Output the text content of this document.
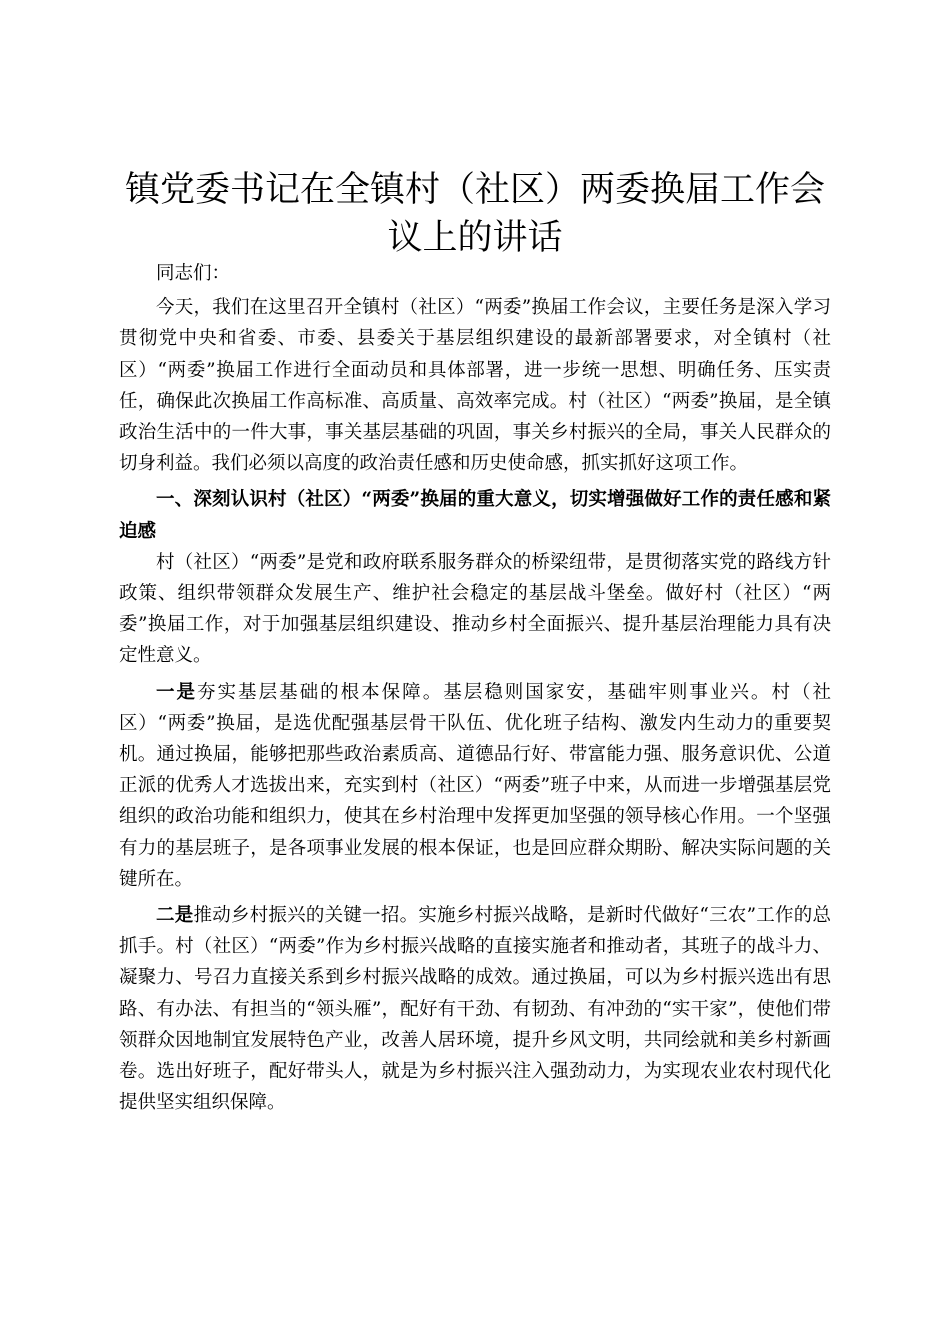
镇党委书记在全镇村（社区）两委换届工作会议上的讲话

同志们：

今天，我们在这里召开全镇村（社区）“两委”换届工作会议，主要任务是深入学习贯彻党中央和省委、市委、县委关于基层组织建设的最新部署要求，对全镇村（社区）“两委”换届工作进行全面动员和具体部署，进一步统一思想、明确任务、压实责任，确保此次换届工作高标准、高质量、高效率完成。村（社区）“两委”换届，是全镇政治生活中的一件大事，事关基层基础的巩固，事关乡村振兴的全局，事关人民群众的切身利益。我们必须以高度的政治责任感和历史使命感，抓实抓好这项工作。

一、深刻认识村（社区）“两委”换届的重大意义，切实增强做好工作的责任感和紧迫感

村（社区）“两委”是党和政府联系服务群众的桥梁纽带，是贯彻落实党的路线方针政策、组织带领群众发展生产、维护社会稳定的基层战斗堡垒。做好村（社区）“两委”换届工作，对于加强基层组织建设、推动乡村全面振兴、提升基层治理能力具有决定性意义。

一是夯实基层基础的根本保障。基层稳则国家安，基础牢则事业兴。村（社区）“两委”换届，是选优配强基层骨干队伍、优化班子结构、激发内生动力的重要契机。通过换届，能够把那些政治素质高、道德品行好、带富能力强、服务意识优、公道正派的优秀人才选拔出来，充实到村（社区）“两委”班子中来，从而进一步增强基层党组织的政治功能和组织力，使其在乡村治理中发挥更加坚强的领导核心作用。一个坚强有力的基层班子，是各项事业发展的根本保证，也是回应群众期盼、解决实际问题的关键所在。

二是推动乡村振兴的关键一招。实施乡村振兴战略，是新时代做好“三农”工作的总抓手。村（社区）“两委”作为乡村振兴战略的直接实施者和推动者，其班子的战斗力、凝聚力、号召力直接关系到乡村振兴战略的成效。通过换届，可以为乡村振兴选出有思路、有办法、有担当的“领头雁”，配好有干劲、有韧劲、有冲劲的“实干家”，使他们带领群众因地制宜发展特色产业，改善人居环境，提升乡风文明，共同绘就和美乡村新画卷。选出好班子，配好带头人，就是为乡村振兴注入强劲动力，为实现农业农村现代化提供坚实组织保障。
